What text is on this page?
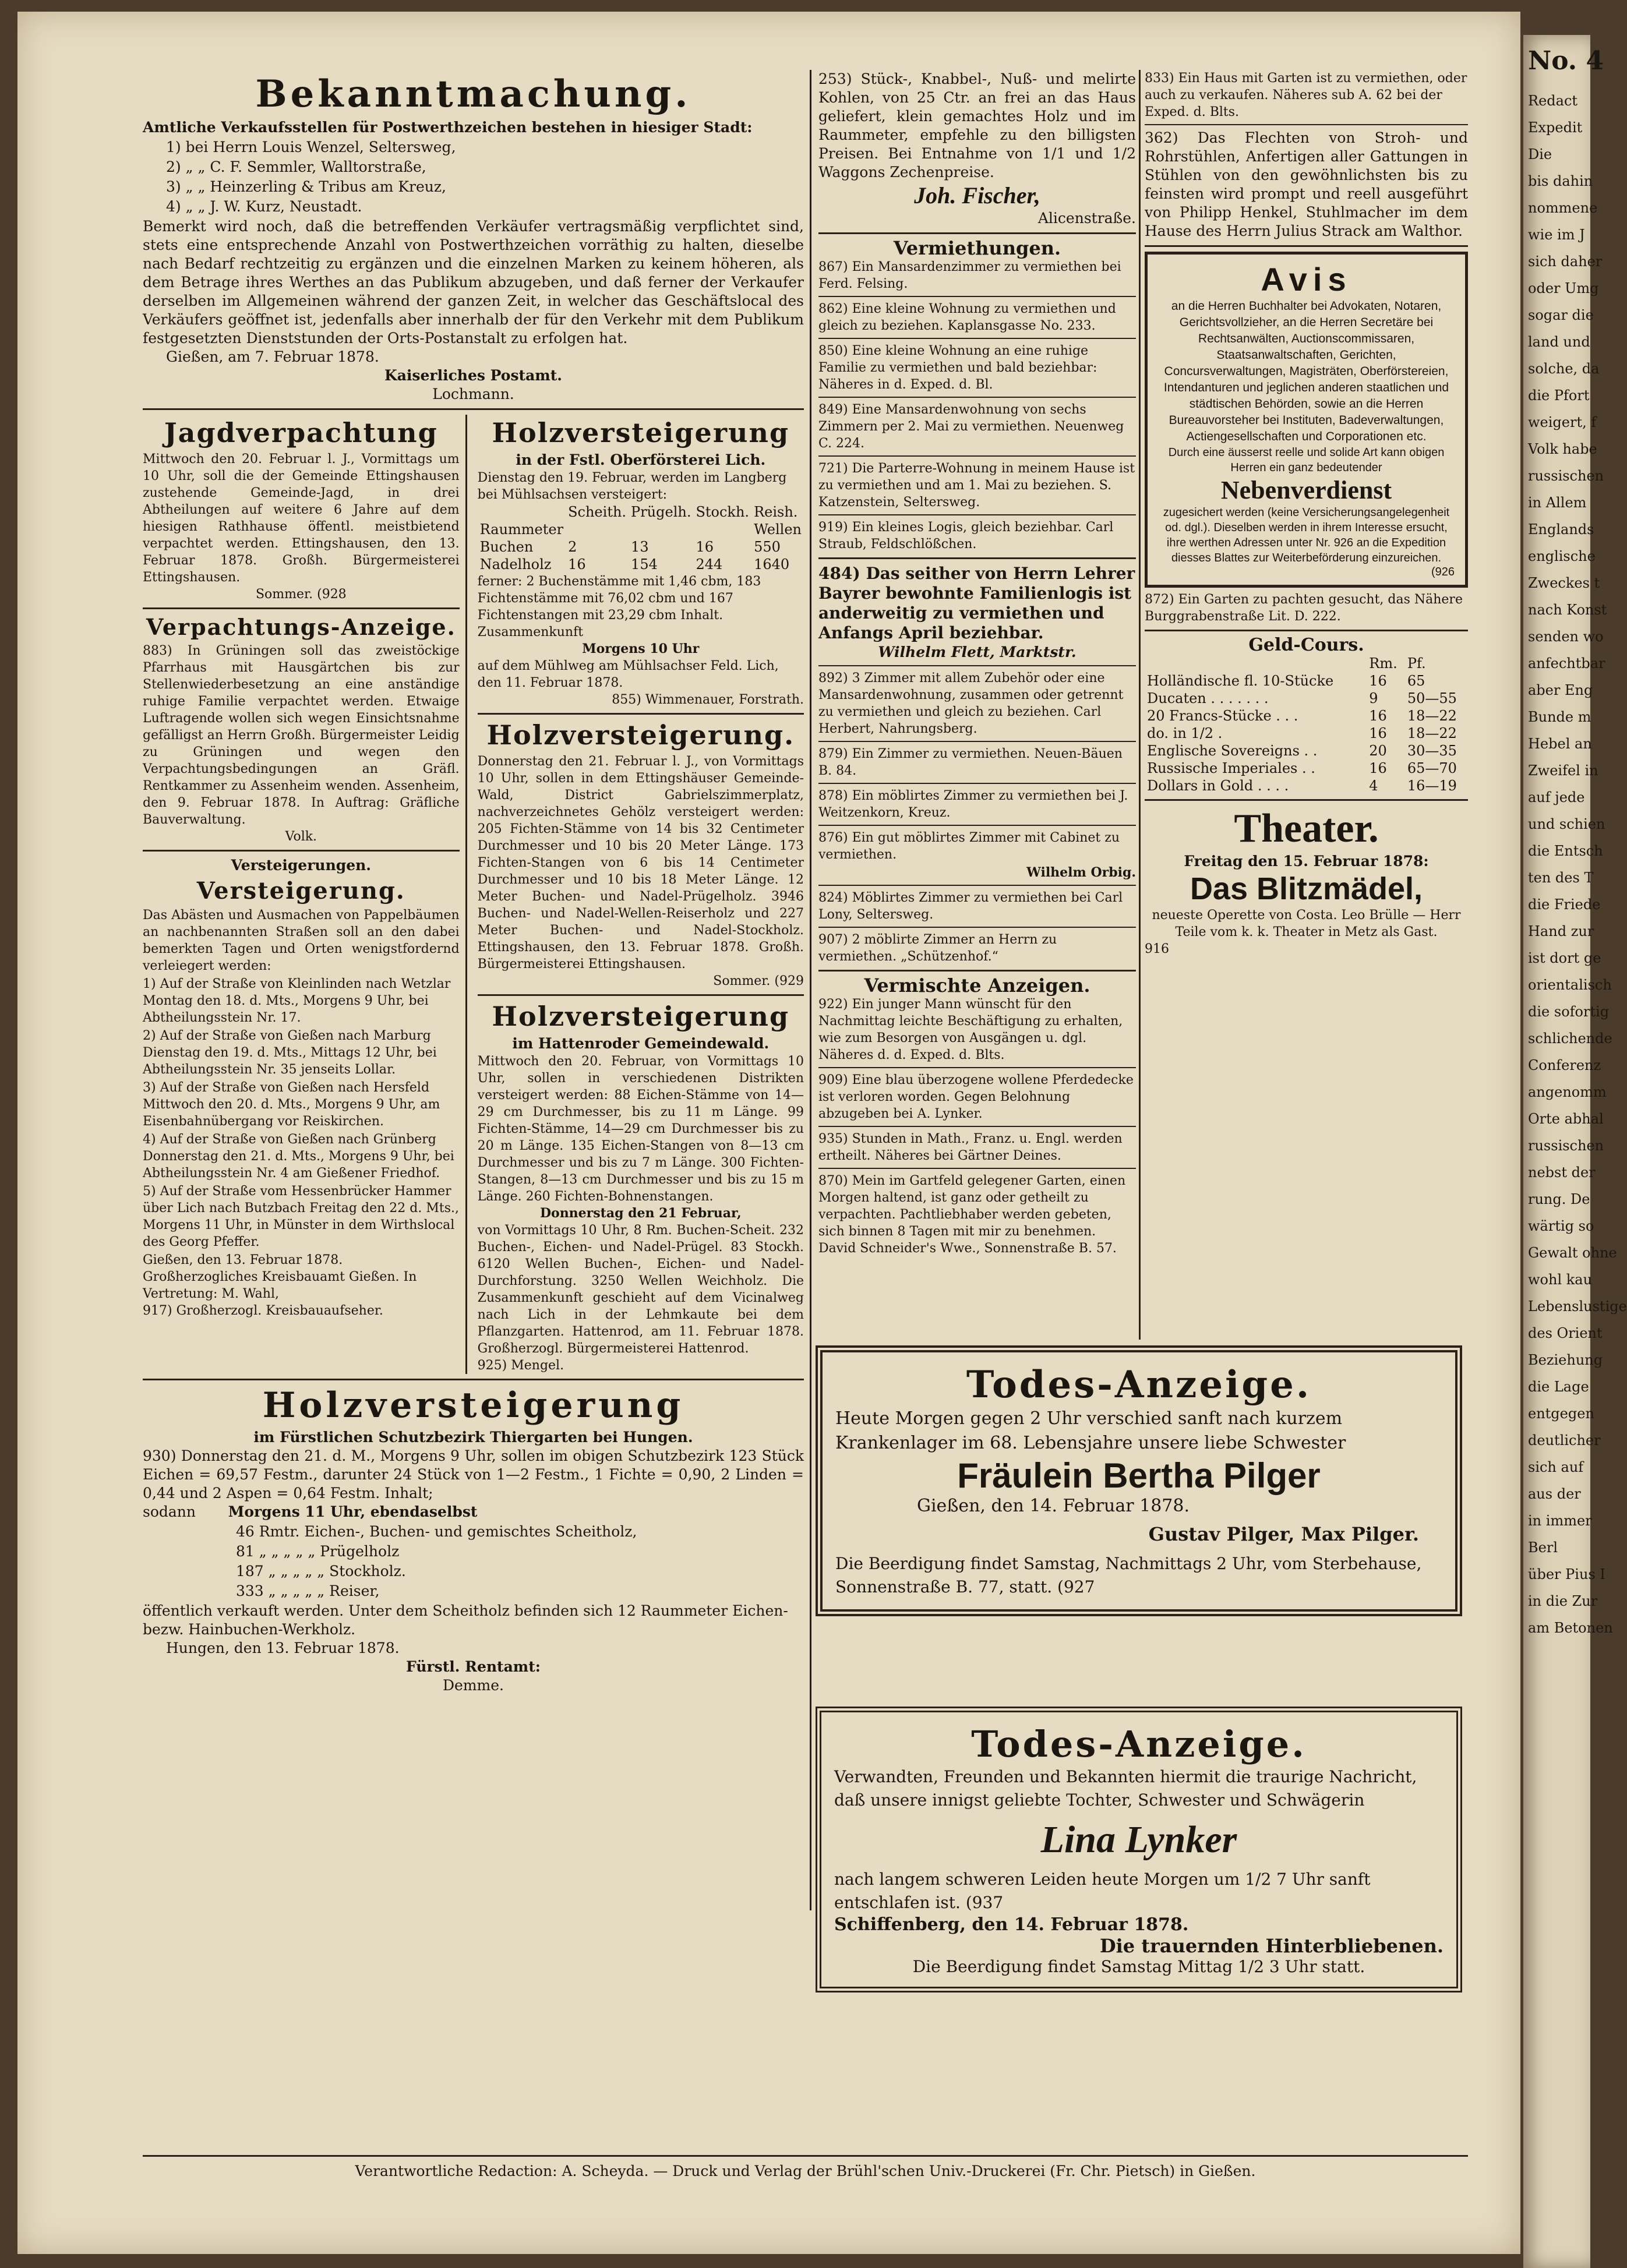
No. 4
Redact
Expedit
Die
bis dahin
nommene
wie im J
sich daher
oder Umg
sogar die
land und
solche, da
die Pfort
weigert, f
Volk habe
russischen
in Allem
Englands
englische
Zweckes t
nach Konst
senden wo
anfechtbar
aber Eng
Bunde m
Hebel an
Zweifel in
auf jede
und schien
die Entsch
ten des T
die Friede
Hand zur
ist dort ge
orientalisch
die sofortig
schlichende
Conferenz
angenomm
Orte abhal
russischen
nebst der
rung. De
wärtig so
Gewalt ohne
wohl kau
Lebenslustige
des Orient
Beziehung
die Lage
entgegen
deutlicher
sich auf
aus der
in immer
Berl
über Pius I
in die Zur
am Betonen
Bekanntmachung.

Amtliche Verkaufsstellen für Postwerthzeichen bestehen in hiesiger Stadt:

1) bei Herrn Louis Wenzel, Seltersweg,

2) „ „ C. F. Semmler, Walltorstraße,

3) „ „ Heinzerling & Tribus am Kreuz,

4) „ „ J. W. Kurz, Neustadt.

Bemerkt wird noch, daß die betreffenden Verkäufer vertragsmäßig verpflichtet sind, stets eine entsprechende Anzahl von Postwerthzeichen vorräthig zu halten, dieselbe nach Bedarf rechtzeitig zu ergänzen und die einzelnen Marken zu keinem höheren, als dem Betrage ihres Werthes an das Publikum abzugeben, und daß ferner der Verkaufer derselben im Allgemeinen während der ganzen Zeit, in welcher das Geschäftslocal des Verkäufers geöffnet ist, jedenfalls aber innerhalb der für den Verkehr mit dem Publikum festgesetzten Dienststunden der Orts-Postanstalt zu erfolgen hat.

Gießen, am 7. Februar 1878.

Kaiserliches Postamt.

Lochmann.

Jagdverpachtung

Mittwoch den 20. Februar l. J., Vormittags um 10 Uhr, soll die der Gemeinde Ettingshausen zustehende Gemeinde-Jagd, in drei Abtheilungen auf weitere 6 Jahre auf dem hiesigen Rathhause öffentl. meistbietend verpachtet werden. Ettingshausen, den 13. Februar 1878. Großh. Bürgermeisterei Ettingshausen.

Sommer. (928

Verpachtungs-Anzeige.

883) In Grüningen soll das zweistöckige Pfarrhaus mit Hausgärtchen bis zur Stellenwiederbesetzung an eine anständige ruhige Familie verpachtet werden. Etwaige Luftragende wollen sich wegen Einsichtsnahme gefälligst an Herrn Großh. Bürgermeister Leidig zu Grüningen und wegen den Verpachtungsbedingungen an Gräfl. Rentkammer zu Assenheim wenden. Assenheim, den 9. Februar 1878. In Auftrag: Gräfliche Bauverwaltung.

Volk.

Versteigerungen.

Versteigerung.

Das Abästen und Ausmachen von Pappelbäumen an nachbenannten Straßen soll an den dabei bemerkten Tagen und Orten wenigstfordernd verleiegert werden:

1) Auf der Straße von Kleinlinden nach Wetzlar Montag den 18. d. Mts., Morgens 9 Uhr, bei Abtheilungsstein Nr. 17.

2) Auf der Straße von Gießen nach Marburg Dienstag den 19. d. Mts., Mittags 12 Uhr, bei Abtheilungsstein Nr. 35 jenseits Lollar.

3) Auf der Straße von Gießen nach Hersfeld Mittwoch den 20. d. Mts., Morgens 9 Uhr, am Eisenbahnübergang vor Reiskirchen.

4) Auf der Straße von Gießen nach Grünberg Donnerstag den 21. d. Mts., Morgens 9 Uhr, bei Abtheilungsstein Nr. 4 am Gießener Friedhof.

5) Auf der Straße vom Hessenbrücker Hammer über Lich nach Butzbach Freitag den 22 d. Mts., Morgens 11 Uhr, in Münster in dem Wirthslocal des Georg Pfeffer.

Gießen, den 13. Februar 1878. Großherzogliches Kreisbauamt Gießen. In Vertretung: M. Wahl,

917) Großherzogl. Kreisbauaufseher.

Holzversteigerung

in der Fstl. Oberförsterei Lich.

Dienstag den 19. Februar, werden im Langberg bei Mühlsachsen versteigert:

	Scheith.	Prügelh.	Stockh.	Reish.
Raummeter				Wellen
Buchen	2	13	16	550
Nadelholz	16	154	244	1640

ferner: 2 Buchenstämme mit 1,46 cbm, 183 Fichtenstämme mit 76,02 cbm und 167 Fichtenstangen mit 23,29 cbm Inhalt. Zusammenkunft

Morgens 10 Uhr

auf dem Mühlweg am Mühlsachser Feld. Lich, den 11. Februar 1878.

855) Wimmenauer, Forstrath.

Holzversteigerung.

Donnerstag den 21. Februar l. J., von Vormittags 10 Uhr, sollen in dem Ettingshäuser Gemeinde-Wald, District Gabrielszimmerplatz, nachverzeichnetes Gehölz versteigert werden: 205 Fichten-Stämme von 14 bis 32 Centimeter Durchmesser und 10 bis 20 Meter Länge. 173 Fichten-Stangen von 6 bis 14 Centimeter Durchmesser und 10 bis 18 Meter Länge. 12 Meter Buchen- und Nadel-Prügelholz. 3946 Buchen- und Nadel-Wellen-Reiserholz und 227 Meter Buchen- und Nadel-Stockholz. Ettingshausen, den 13. Februar 1878. Großh. Bürgermeisterei Ettingshausen.

Sommer. (929

Holzversteigerung

im Hattenroder Gemeindewald.

Mittwoch den 20. Februar, von Vormittags 10 Uhr, sollen in verschiedenen Distrikten versteigert werden: 88 Eichen-Stämme von 14—29 cm Durchmesser, bis zu 11 m Länge. 99 Fichten-Stämme, 14—29 cm Durchmesser bis zu 20 m Länge. 135 Eichen-Stangen von 8—13 cm Durchmesser und bis zu 7 m Länge. 300 Fichten-Stangen, 8—13 cm Durchmesser und bis zu 15 m Länge. 260 Fichten-Bohnenstangen.

Donnerstag den 21 Februar,

von Vormittags 10 Uhr, 8 Rm. Buchen-Scheit. 232 Buchen-, Eichen- und Nadel-Prügel. 83 Stockh. 6120 Wellen Buchen-, Eichen- und Nadel-Durchforstung. 3250 Wellen Weichholz. Die Zusammenkunft geschieht auf dem Vicinalweg nach Lich in der Lehmkaute bei dem Pflanzgarten. Hattenrod, am 11. Februar 1878. Großherzogl. Bürgermeisterei Hattenrod.

925) Mengel.

Holzversteigerung

im Fürstlichen Schutzbezirk Thiergarten bei Hungen.

930) Donnerstag den 21. d. M., Morgens 9 Uhr, sollen im obigen Schutzbezirk 123 Stück Eichen = 69,57 Festm., darunter 24 Stück von 1—2 Festm., 1 Fichte = 0,90, 2 Linden = 0,44 und 2 Aspen = 0,64 Festm. Inhalt;

sodann Morgens 11 Uhr, ebendaselbst

46 Rmtr. Eichen-, Buchen- und gemischtes Scheitholz,

81 „ „ „ „ „ Prügelholz

187 „ „ „ „ „ Stockholz.

333 „ „ „ „ „ Reiser,

öffentlich verkauft werden. Unter dem Scheitholz befinden sich 12 Raummeter Eichen- bezw. Hainbuchen-Werkholz.

Hungen, den 13. Februar 1878.

Fürstl. Rentamt:

Demme.

253) Stück-, Knabbel-, Nuß- und melirte Kohlen, von 25 Ctr. an frei an das Haus geliefert, klein gemachtes Holz und im Raummeter, empfehle zu den billigsten Preisen. Bei Entnahme von 1/1 und 1/2 Waggons Zechenpreise.

Joh. Fischer,

Alicenstraße.

Vermiethungen.

867) Ein Mansardenzimmer zu vermiethen bei Ferd. Felsing.

862) Eine kleine Wohnung zu vermiethen und gleich zu beziehen. Kaplansgasse No. 233.

850) Eine kleine Wohnung an eine ruhige Familie zu vermiethen und bald beziehbar: Näheres in d. Exped. d. Bl.

849) Eine Mansardenwohnung von sechs Zimmern per 2. Mai zu vermiethen. Neuenweg C. 224.

721) Die Parterre-Wohnung in meinem Hause ist zu vermiethen und am 1. Mai zu beziehen. S. Katzenstein, Seltersweg.

919) Ein kleines Logis, gleich beziehbar. Carl Straub, Feldschlößchen.

484) Das seither von Herrn Lehrer Bayrer bewohnte Familienlogis ist anderweitig zu vermiethen und Anfangs April beziehbar.

Wilhelm Flett, Marktstr.

892) 3 Zimmer mit allem Zubehör oder eine Mansardenwohnung, zusammen oder getrennt zu vermiethen und gleich zu beziehen. Carl Herbert, Nahrungsberg.

879) Ein Zimmer zu vermiethen. Neuen-Bäuen B. 84.

878) Ein möblirtes Zimmer zu vermiethen bei J. Weitzenkorn, Kreuz.

876) Ein gut möblirtes Zimmer mit Cabinet zu vermiethen.

Wilhelm Orbig.

824) Möblirtes Zimmer zu vermiethen bei Carl Lony, Seltersweg.

907) 2 möblirte Zimmer an Herrn zu vermiethen. „Schützenhof.“

Vermischte Anzeigen.

922) Ein junger Mann wünscht für den Nachmittag leichte Beschäftigung zu erhalten, wie zum Besorgen von Ausgängen u. dgl. Näheres d. d. Exped. d. Blts.

909) Eine blau überzogene wollene Pferdedecke ist verloren worden. Gegen Belohnung abzugeben bei A. Lynker.

935) Stunden in Math., Franz. u. Engl. werden ertheilt. Näheres bei Gärtner Deines.

870) Mein im Gartfeld gelegener Garten, einen Morgen haltend, ist ganz oder getheilt zu verpachten. Pachtliebhaber werden gebeten, sich binnen 8 Tagen mit mir zu benehmen. David Schneider's Wwe., Sonnenstraße B. 57.

833) Ein Haus mit Garten ist zu vermiethen, oder auch zu verkaufen. Näheres sub A. 62 bei der Exped. d. Blts.

362) Das Flechten von Stroh- und Rohrstühlen, Anfertigen aller Gattungen in Stühlen von den gewöhnlichsten bis zu feinsten wird prompt und reell ausgeführt von Philipp Henkel, Stuhlmacher im dem Hause des Herrn Julius Strack am Walthor.

Avis

an die Herren Buchhalter bei Advokaten, Notaren, Gerichtsvollzieher, an die Herren Secretäre bei Rechtsanwälten, Auctionscommissaren, Staatsanwaltschaften, Gerichten, Concursverwaltungen, Magisträten, Oberförstereien, Intendanturen und jeglichen anderen staatlichen und städtischen Behörden, sowie an die Herren Bureauvorsteher bei Instituten, Badeverwaltungen, Actiengesellschaften und Corporationen etc.

Durch eine äusserst reelle und solide Art kann obigen Herren ein ganz bedeutender

Nebenverdienst

zugesichert werden (keine Versicherungsangelegenheit od. dgl.). Dieselben werden in ihrem Interesse ersucht, ihre werthen Adressen unter Nr. 926 an die Expedition diesses Blattes zur Weiterbeförderung einzureichen.

(926

872) Ein Garten zu pachten gesucht, das Nähere Burggrabenstraße Lit. D. 222.

Geld-Cours.

	Rm.	Pf.
Holländische fl. 10-Stücke	16	65
Ducaten . . . . . . .	9	50—55
20 Francs-Stücke . . .	16	18—22
do. in 1/2 .	16	18—22
Englische Sovereigns . .	20	30—35
Russische Imperiales . .	16	65—70
Dollars in Gold . . . .	4	16—19

Theater.

Freitag den 15. Februar 1878:

Das Blitzmädel,

neueste Operette von Costa. Leo Brülle — Herr Teile vom k. k. Theater in Metz als Gast.

916

Todes-Anzeige.

Heute Morgen gegen 2 Uhr verschied sanft nach kurzem Krankenlager im 68. Lebensjahre unsere liebe Schwester

Fräulein Bertha Pilger

Gießen, den 14. Februar 1878.

Gustav Pilger, Max Pilger.

Die Beerdigung findet Samstag, Nachmittags 2 Uhr, vom Sterbehause, Sonnenstraße B. 77, statt. (927

Todes-Anzeige.

Verwandten, Freunden und Bekannten hiermit die traurige Nachricht, daß unsere innigst geliebte Tochter, Schwester und Schwägerin

Lina Lynker

nach langem schweren Leiden heute Morgen um 1/2 7 Uhr sanft entschlafen ist. (937

Schiffenberg, den 14. Februar 1878.

Die trauernden Hinterbliebenen.

Die Beerdigung findet Samstag Mittag 1/2 3 Uhr statt.

Verantwortliche Redaction: A. Scheyda. — Druck und Verlag der Brühl'schen Univ.-Druckerei (Fr. Chr. Pietsch) in Gießen.
